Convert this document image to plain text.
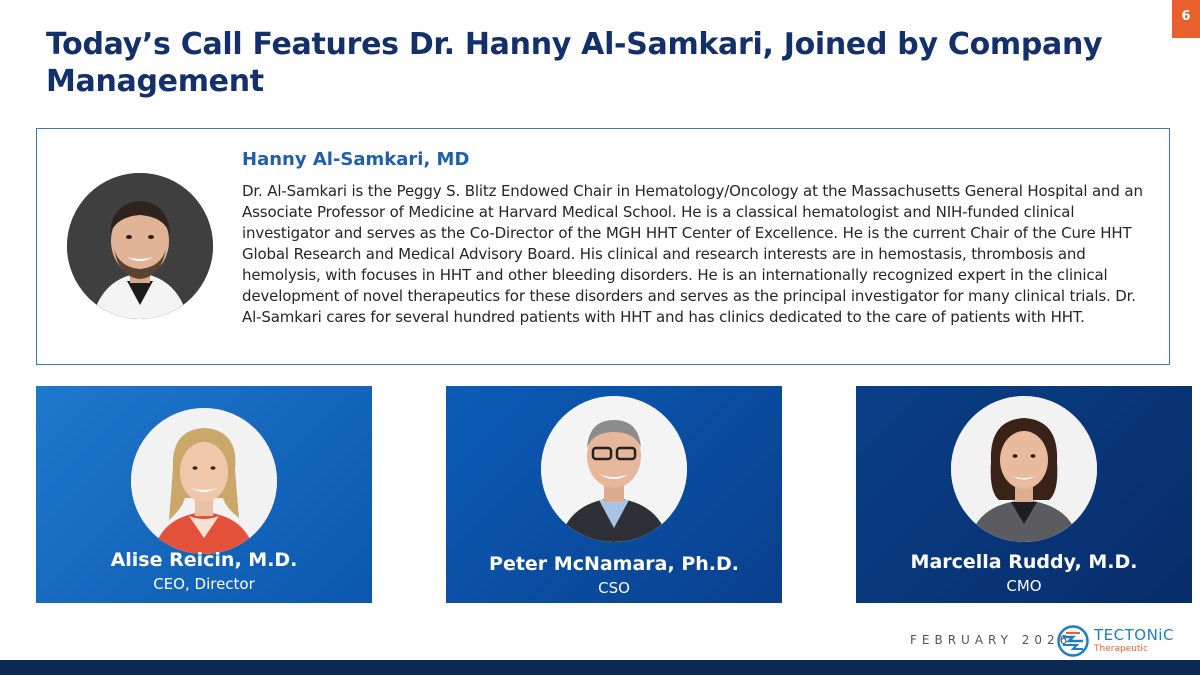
6
Today’s Call Features Dr. Hanny Al-Samkari, Joined by Company Management
Hanny Al-Samkari, MD

Dr. Al-Samkari is the Peggy S. Blitz Endowed Chair in Hematology/Oncology at the Massachusetts General Hospital and an Associate Professor of Medicine at Harvard Medical School. He is a classical hematologist and NIH-funded clinical investigator and serves as the Co-Director of the MGH HHT Center of Excellence. He is the current Chair of the Cure HHT Global Research and Medical Advisory Board. His clinical and research interests are in hemostasis, thrombosis and hemolysis, with focuses in HHT and other bleeding disorders. He is an internationally recognized expert in the clinical development of novel therapeutics for these disorders and serves as the principal investigator for many clinical trials. Dr. Al-Samkari cares for several hundred patients with HHT and has clinics dedicated to the care of patients with HHT.

Alise Reicin, M.D.

CEO, Director

Peter McNamara, Ph.D.

CSO

Marcella Ruddy, M.D.

CMO

FEBRUARY 2026 TECTONiC
Therapeutic
